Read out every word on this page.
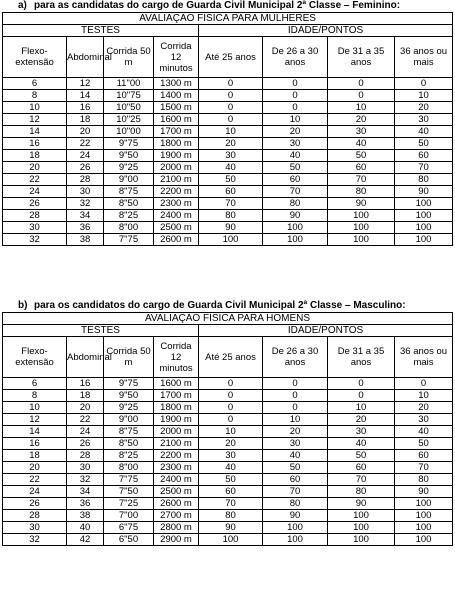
a) para as candidatas do cargo de Guarda Civil Municipal 2ª Classe – Feminino:
AVALIAÇÃO FÍSICA PARA MULHERES							
TESTES				IDADE/PONTOS			
Flexo-extensão	Abdominal	Corrida 50 m	Corrida 12 minutos	Até 25 anos	De 26 a 30 anos	De 31 a 35 anos	36 anos ou mais
6	12	11"00	1300 m	0	0	0	0
8	14	10"75	1400 m	0	0	0	10
10	16	10"50	1500 m	0	0	10	20
12	18	10"25	1600 m	0	10	20	30
14	20	10"00	1700 m	10	20	30	40
16	22	9"75	1800 m	20	30	40	50
18	24	9"50	1900 m	30	40	50	60
20	26	9"25	2000 m	40	50	60	70
22	28	9"00	2100 m	50	60	70	80
24	30	8"75	2200 m	60	70	80	90
26	32	8"50	2300 m	70	80	90	100
28	34	8"25	2400 m	80	90	100	100
30	36	8"00	2500 m	90	100	100	100
32	38	7"75	2600 m	100	100	100	100
b) para os candidatos do cargo de Guarda Civil Municipal 2ª Classe – Masculino:
AVALIAÇÃO FÍSICA PARA HOMENS							
TESTES				IDADE/PONTOS			
Flexo-extensão	Abdominal	Corrida 50 m	Corrida 12 minutos	Até 25 anos	De 26 a 30 anos	De 31 a 35 anos	36 anos ou mais
6	16	9"75	1600 m	0	0	0	0
8	18	9"50	1700 m	0	0	0	10
10	20	9"25	1800 m	0	0	10	20
12	22	9"00	1900 m	0	10	20	30
14	24	8"75	2000 m	10	20	30	40
16	26	8"50	2100 m	20	30	40	50
18	28	8"25	2200 m	30	40	50	60
20	30	8"00	2300 m	40	50	60	70
22	32	7"75	2400 m	50	60	70	80
24	34	7"50	2500 m	60	70	80	90
26	36	7"25	2600 m	70	80	90	100
28	38	7"00	2700 m	80	90	100	100
30	40	6"75	2800 m	90	100	100	100
32	42	6"50	2900 m	100	100	100	100
